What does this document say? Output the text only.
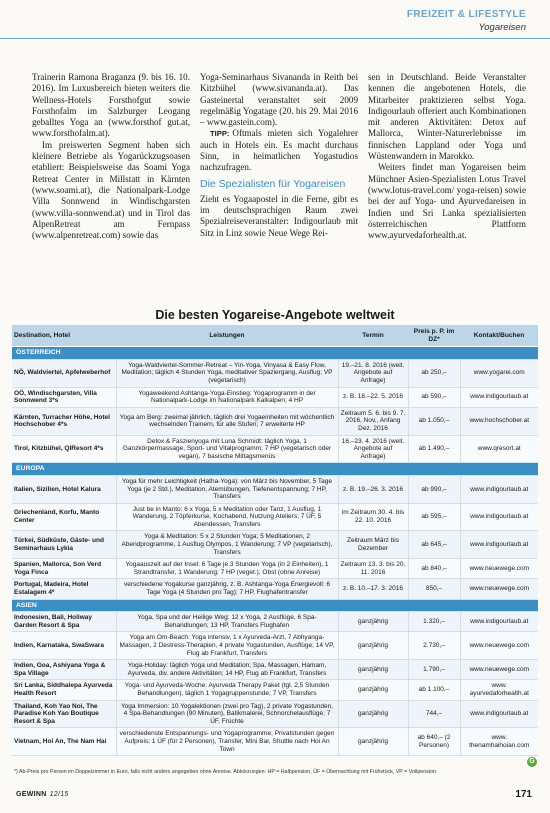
FREIZEIT & LIFESTYLE
Yogareisen

Trainerin Ramona Braganza (9. bis 16. 10. 2016). Im Luxusbereich bieten weiters die Wellness-Hotels Forsthofgut sowie Forsthofalm im Salzburger Leogang geballtes Yoga an (www.forsthof gut.at, www.forsthofalm.at).

Im preiswerten Segment haben sich kleinere Betriebe als Yogarückzugsoasen etabliert: Beispielsweise das Soami Yoga Retreat Center in Millstatt in Kärnten (www.soami.at), die Nationalpark-Lodge Villa Sonnwend in Windischgarsten (www.villa-sonnwend.at) und in Tirol das AlpenRetreat am Fernpass (www.alpenretreat.com) sowie das

Yoga-Seminarhaus Sivananda in Reith bei Kitzbühel (www.sivananda.at). Das Gasteinertal veranstaltet seit 2009 regelmäßig Yogatage (20. bis 29. Mai 2016 – www.gastein.com).

TIPP: Oftmals mieten sich Yogalehrer auch in Hotels ein. Es macht durchaus Sinn, in heimatlichen Yogastudios nachzufragen.

Die Spezialisten für Yogareisen

Zieht es Yogaapostel in die Ferne, gibt es im deutschsprachigen Raum zwei Spezialreiseveranstalter: Indigourlaub mit Sitz in Linz sowie Neue Wege Rei-

sen in Deutschland. Beide Veranstalter kennen die angebotenen Hotels, die Mitarbeiter praktizieren selbst Yoga. Indigourlaub offeriert auch Kombinationen mit anderen Aktivitäten: Detox auf Mallorca, Winter-Naturerlebnisse im finnischen Lappland oder Yoga und Wüstenwandern in Marokko.

Weiters findet man Yogareisen beim Münchner Asien-Spezialisten Lotus Travel (www.lotus-travel.com/ yoga-reisen) sowie bei der auf Yoga- und Ayurvedareisen in Indien und Sri Lanka spezialisierten österreichischen Plattform www.ayurvedaforhealth.at.

Die besten Yogareise-Angebote weltweit
Destination, Hotel	Leistungen	Termin	Preis p. P. im DZ*	Kontakt/Buchen
ÖSTERREICH				
NÖ, Waldviertel, Apfelweberhof	Yoga-Waldviertel-Sommer-Retreat – Yin-Yoga, Vinyasa & Easy Flow, Meditation; täglich 4 Stunden Yoga, meditativer Spaziergang, Ausflug; VP (vegetarisch)	19.–21. 8. 2016 (weit. Angebote auf Anfrage)	ab 250,–	www.yogarei.com
OÖ, Windischgarsten, Villa Sonnwend 3*s	Yogaweekend Ashtanga-Yoga-Einstieg: Yogaprogramm in der Nationalpark-Lodge im Nationalpark Kalkalpen; 4 HP	z. B. 18.–22. 5. 2016	ab 590,–	www.indigourlaub.at
Kärnten, Turracher Höhe, Hotel Hochschober 4*s	Yoga am Berg: zweimal jährlich, täglich drei Yogaeinheiten mit wöchentlich wechselnden Trainern, für alle Stufen; 7 erweiterte HP	Zeitraum 5. 6. bis 9. 7. 2016, Nov., Anfang Dez. 2016	ab 1.050,–	www.hochschober.at
Tirol, Kitzbühel, QIResort 4*s	Detox & Faszienyoga mit Luna Schmidt: täglich Yoga, 1 Ganzkörpermassage, Sport- und Vitalprogramm; 7 HP (vegetarisch oder vegan), 7 basische Mittagsmenüs	16.–23. 4. 2016 (weit. Angebote auf Anfrage)	ab 1.490,–	www.qresort.at
EUROPA				
Italien, Sizilien, Hotel Kalura	Yoga für mehr Leichtigkeit (Hatha-Yoga): von März bis November, 5 Tage Yoga (je 2 Std.), Meditation, Atemübungen, Tiefenentspannung; 7 HP, Transfers	z. B. 19.–26. 3. 2016	ab 990,–	www.indigourlaub.at
Griechenland, Korfu, Manto Center	Just be in Manto: 6 x Yoga, 5 x Meditation oder Tanz, 1 Ausflug, 1 Wanderung, 2 Töpferkurse, Kochabend, Nutzung Ateliers; 7 ÜF, 5 Abendessen, Transfers	im Zeitraum 30. 4. bis 22. 10. 2016	ab 595,–	www.indigourlaub.at
Türkei, Südküste, Gäste- und Seminarhaus Lykia	Yoga & Meditation: 5 x 2 Stunden Yoga; 5 Meditationen, 2 Abendprogramme, 1 Ausflug Olympos, 1 Wanderung; 7 VP (vegetarisch), Transfers	Zeitraum März bis Dezember	ab 645,–	www.indigourlaub.at
Spanien, Mallorca, Son Verd Yoga Finca	Yogaauszeit auf der Insel: 6 Tage je 3 Stunden Yoga (in 2 Einheiten), 1 Strandtransfer, 1 Wanderung; 7 HP (veget.), Obst (ohne Anreise)	Zeitraum 13. 3. bis 20. 11. 2016	ab 840,–	www.neuewege.com
Portugal, Madeira, Hotel Estalagem 4*	verschiedene Yogakurse ganzjährig, z. B. Ashtanga-Yoga Energievoll: 6 Tage Yoga (4 Stunden pro Tag); 7 HP, Flughafentransfer	z. B. 10.–17. 3. 2016	850,–	www.neuewege.com
ASIEN				
Indonesien, Bali, Holiway Garden Resort & Spa	Yoga, Spa und der Heilige Weg: 12 x Yoga, 2 Ausflüge, 6 Spa-Behandlungen; 13 HP, Transfers Flughafen	ganzjährig	1.320,–	www.indigourlaub.at
Indien, Karnataka, SwaSwara	Yoga am Om-Beach: Yoga intensiv, 1 x Ayurveda-Arzt, 7 Abhyanga-Massagen, 2 Destress-Therapien, 4 private Yogastunden, Ausflüge; 14 VP, Flug ab Frankfurt, Transfers	ganzjährig	2.730,–	www.neuewege.com
Indien, Goa, Ashiyana Yoga & Spa Village	Yoga-Holiday: täglich Yoga und Meditation; Spa, Massagen, Hamam, Ayurveda, div. andere Aktivitäten; 14 HP, Flug ab Frankfurt, Transfers	ganzjährig	1.790,–	www.neuewege.com
Sri Lanka, Siddhalepa Ayurveda Health Resort	Yoga- und Ayurveda-Woche: Ayurveda Therapy Paket (tgl. 2,5 Stunden Behandlungen), täglich 1 Yogagruppenstunde; 7 VP, Transfers	ganzjährig	ab 1.100,–	www. ayurvedaforhealth.at
Thailand, Koh Yao Noi, The Paradise Koh Yao Boutique Resort & Spa	Yoga Immersion: 10 Yogalektionen (zwei pro Tag), 2 private Yogastunden, 4 Spa-Behandlungen (90 Minuten), Batikmalerei, Schnorchelausflüge; 7 ÜF, Früchte	ganzjährig	744,–	www.indigourlaub.at
Vietnam, Hoi An, The Nam Hai	verschiedenste Entspannungs- und Yogaprogramme; Privatstunden gegen Aufpreis; 1 ÜF (für 2 Personen), Transfer, Mini Bar, Shuttle nach Hoi An Town	ganzjährig	ab 640,– (2 Personen)	www. thenamhaihoian.com
*) Ab-Preis pro Person im Doppelzimmer in Euro, falls nicht anders angegeben ohne Anreise. Abkürzungen: HP = Halbpension, ÜF = Übernachtung mit Frühstück, VP = Vollpension
G
GEWINN 12/15	171
